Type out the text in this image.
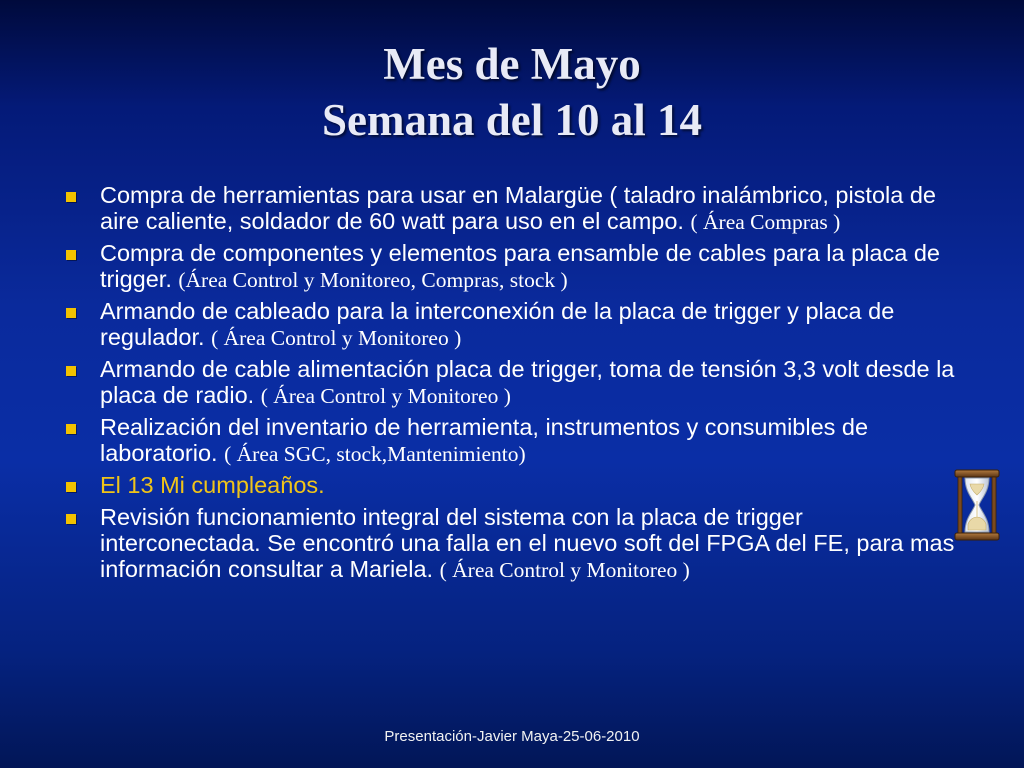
Mes de Mayo
Semana del 10 al 14
Compra de herramientas para usar en Malargüe ( taladro inalámbrico, pistola de aire caliente, soldador de 60 watt para uso en el campo. ( Área Compras )
Compra de componentes y elementos para ensamble de cables para la placa de trigger. (Área Control y Monitoreo, Compras, stock )
Armando de cableado para la interconexión de la placa de trigger y placa de regulador. ( Área Control y Monitoreo )
Armando de cable alimentación placa de trigger, toma de tensión 3,3 volt desde la placa de radio. ( Área Control y Monitoreo )
Realización del inventario de herramienta, instrumentos y consumibles de laboratorio. ( Área SGC, stock,Mantenimiento)
El 13 Mi cumpleaños.
Revisión funcionamiento integral del sistema con la placa de trigger interconectada. Se encontró una falla en el nuevo soft del FPGA del FE, para mas información consultar a Mariela. ( Área Control y Monitoreo )
Presentación-Javier Maya-25-06-2010
